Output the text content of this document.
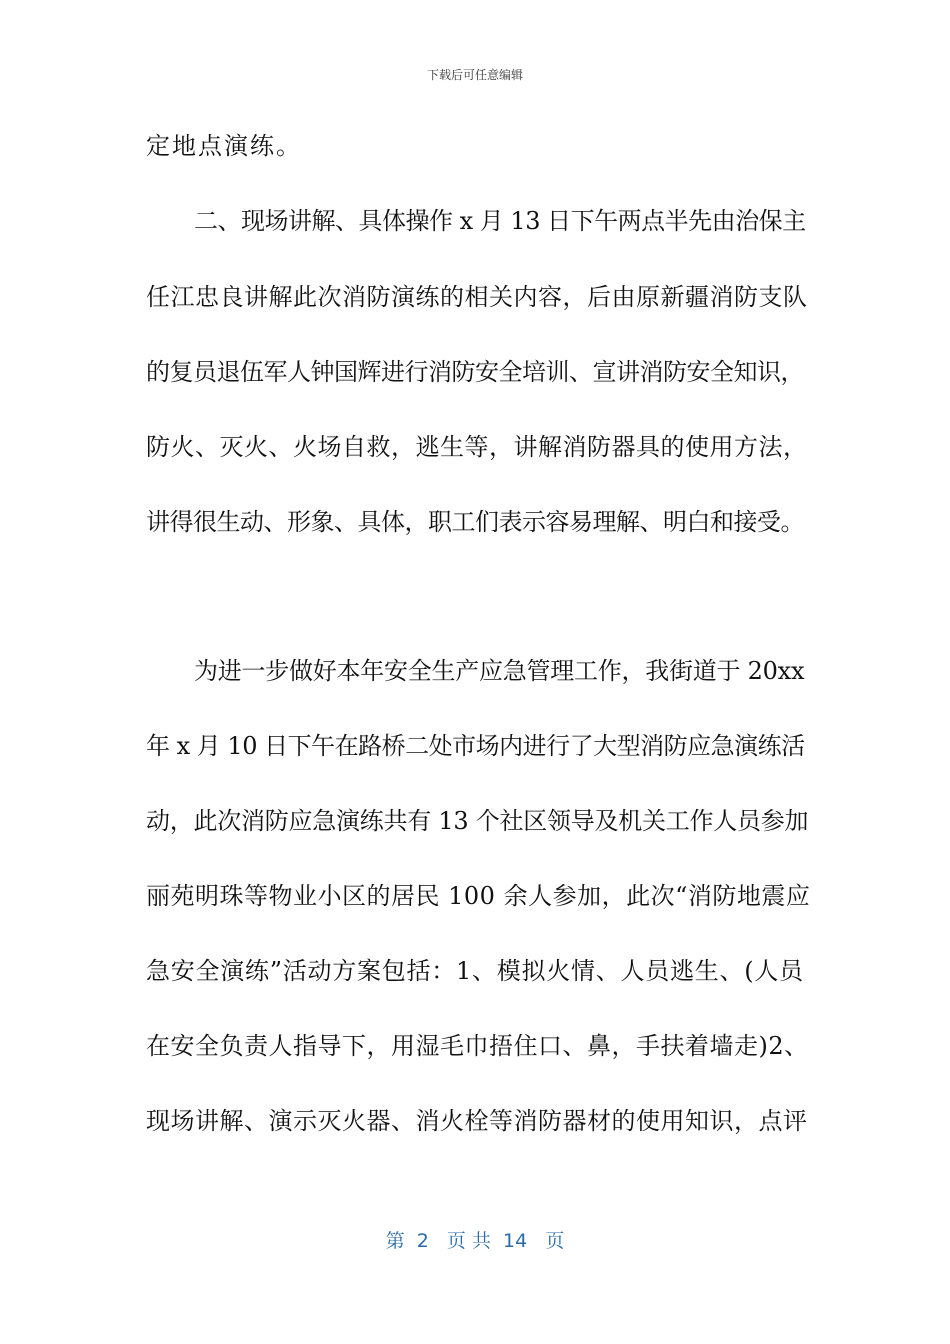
下载后可任意编辑
定地点演练。
二、现场讲解、具体操作 x 月 13 日下午两点半先由治保主
任江忠良讲解此次消防演练的相关内容，后由原新疆消防支队
的复员退伍军人钟国辉进行消防安全培训、宣讲消防安全知识，
防火、灭火、火场自救，逃生等，讲解消防器具的使用方法，
讲得很生动、形象、具体，职工们表示容易理解、明白和接受。
为进一步做好本年安全生产应急管理工作，我街道于 20xx
年 x 月 10 日下午在路桥二处市场内进行了大型消防应急演练活
动，此次消防应急演练共有 13 个社区领导及机关工作人员参加
丽苑明珠等物业小区的居民 100 余人参加，此次“消防地震应
急安全演练”活动方案包括：1、模拟火情、人员逃生、(人员
在安全负责人指导下，用湿毛巾捂住口、鼻，手扶着墙走)2、
现场讲解、演示灭火器、消火栓等消防器材的使用知识，点评
第  2   页 共  14   页
